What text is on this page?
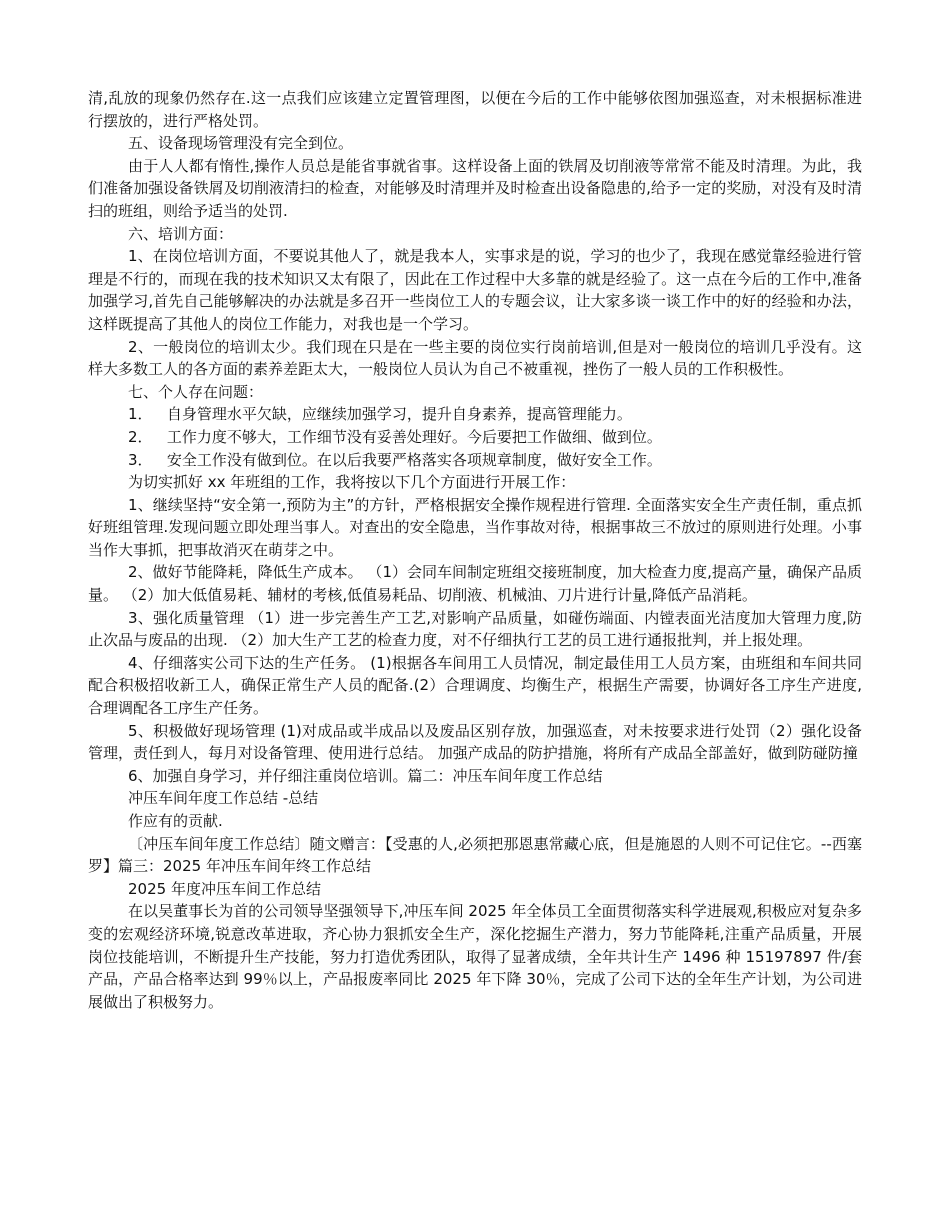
清,乱放的现象仍然存在.这一点我们应该建立定置管理图，以便在今后的工作中能够依图加强巡查，对未根据标准进行摆放的，进行严格处罚。

五、设备现场管理没有完全到位。

由于人人都有惰性,操作人员总是能省事就省事。这样设备上面的铁屑及切削液等常常不能及时清理。为此，我们准备加强设备铁屑及切削液清扫的检查，对能够及时清理并及时检查出设备隐患的,给予一定的奖励，对没有及时清扫的班组，则给予适当的处罚.

六、培训方面：

1、在岗位培训方面，不要说其他人了，就是我本人，实事求是的说，学习的也少了，我现在感觉靠经验进行管理是不行的，而现在我的技术知识又太有限了，因此在工作过程中大多靠的就是经验了。这一点在今后的工作中,准备加强学习,首先自己能够解决的办法就是多召开一些岗位工人的专题会议，让大家多谈一谈工作中的好的经验和办法，这样既提高了其他人的岗位工作能力，对我也是一个学习。

2、一般岗位的培训太少。我们现在只是在一些主要的岗位实行岗前培训,但是对一般岗位的培训几乎没有。这样大多数工人的各方面的素养差距太大，一般岗位人员认为自己不被重视，挫伤了一般人员的工作积极性。

七、个人存在问题：

1．   自身管理水平欠缺，应继续加强学习，提升自身素养，提高管理能力。

2．   工作力度不够大，工作细节没有妥善处理好。今后要把工作做细、做到位。

3．   安全工作没有做到位。在以后我要严格落实各项规章制度，做好安全工作。

为切实抓好 xx 年班组的工作，我将按以下几个方面进行开展工作：

1、继续坚持“安全第一,预防为主”的方针，严格根据安全操作规程进行管理. 全面落实安全生产责任制，重点抓好班组管理.发现问题立即处理当事人。对查出的安全隐患，当作事故对待，根据事故三不放过的原则进行处理。小事当作大事抓，把事故消灭在萌芽之中。

2、做好节能降耗，降低生产成本。 （1）会同车间制定班组交接班制度，加大检查力度,提高产量，确保产品质量。 （2）加大低值易耗、辅材的考核,低值易耗品、切削液、机械油、刀片进行计量,降低产品消耗。

3、强化质量管理 （1）进一步完善生产工艺,对影响产品质量，如碰伤端面、内镗表面光洁度加大管理力度,防止次品与废品的出现. （2）加大生产工艺的检查力度，对不仔细执行工艺的员工进行通报批判，并上报处理。

4、仔细落实公司下达的生产任务。 (1)根据各车间用工人员情况，制定最佳用工人员方案，由班组和车间共同配合积极招收新工人，确保正常生产人员的配备.(2）合理调度、均衡生产，根据生产需要，协调好各工序生产进度,合理调配各工序生产任务。

5、积极做好现场管理 (1)对成品或半成品以及废品区别存放，加强巡查，对未按要求进行处罚（2）强化设备管理，责任到人，每月对设备管理、使用进行总结。 加强产成品的防护措施，将所有产成品全部盖好，做到防碰防撞

6、加强自身学习，并仔细注重岗位培训。篇二：冲压车间年度工作总结

冲压车间年度工作总结 -总结

作应有的贡献.

〔冲压车间年度工作总结〕随文赠言：【受惠的人,必须把那恩惠常藏心底，但是施恩的人则不可记住它。--西塞罗】篇三：2025 年冲压车间年终工作总结

2025 年度冲压车间工作总结

在以吴董事长为首的公司领导坚强领导下,冲压车间 2025 年全体员工全面贯彻落实科学进展观,积极应对复杂多变的宏观经济环境,锐意改革进取，齐心协力狠抓安全生产，深化挖掘生产潜力，努力节能降耗,注重产品质量，开展岗位技能培训，不断提升生产技能，努力打造优秀团队，取得了显著成绩，全年共计生产 1496 种 15197897 件/套产品，产品合格率达到 99％以上，产品报废率同比 2025 年下降 30％，完成了公司下达的全年生产计划，为公司进展做出了积极努力。
